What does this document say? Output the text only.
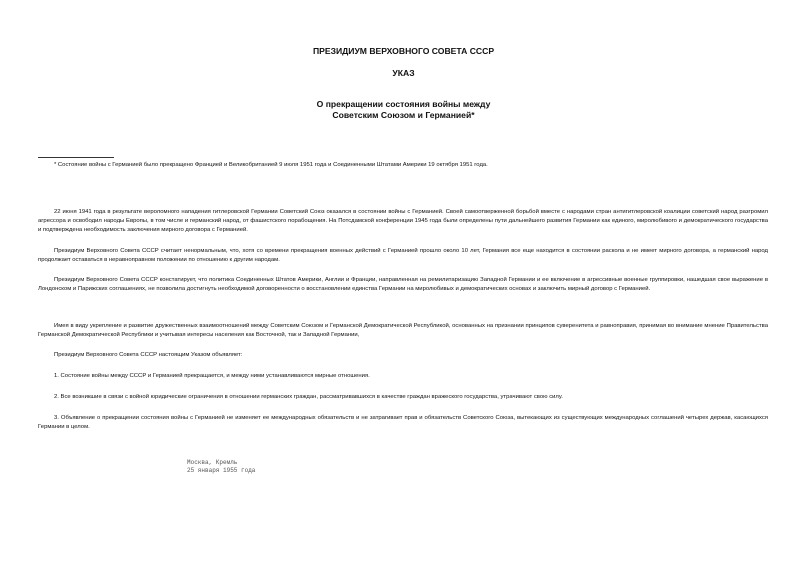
ПРЕЗИДИУМ ВЕРХОВНОГО СОВЕТА СССР
УКАЗ
О прекращении состояния войны между
Советским Союзом и Германией*
* Состояние войны с Германией было прекращено Францией и Великобританией 9 июля 1951 года и Соединенными Штатами Америки 19 октября 1951 года.

22 июня 1941 года в результате вероломного нападения гитлеровской Германии Советский Союз оказался в состоянии войны с Германией. Своей самоотверженной борьбой вместе с народами стран антигитлеровской коалиции советский народ разгромил агрессора и освободил народы Европы, в том числе и германский народ, от фашистского порабощения. На Потсдамской конференции 1945 года были определены пути дальнейшего развития Германии как единого, миролюбивого и демократического государства и подтверждена необходимость заключения мирного договора с Германией.

Президиум Верховного Совета СССР считает ненормальным, что, хотя со времени прекращения военных действий с Германией прошло около 10 лет, Германия все еще находится в состоянии раскола и не имеет мирного договора, а германский народ продолжает оставаться в неравноправном положении по отношению к другим народам.

Президиум Верховного Совета СССР констатирует, что политика Соединенных Штатов Америки, Англии и Франции, направленная на ремилитаризацию Западной Германии и ее включение в агрессивные военные группировки, нашедшая свое выражение в Лондонском и Парижских соглашениях, не позволила достигнуть необходимой договоренности о восстановлении единства Германии на миролюбивых и демократических основах и заключить мирный договор с Германией.

Имея в виду укрепление и развитие дружественных взаимоотношений между Советским Союзом и Германской Демократической Республикой, основанных на признании принципов суверенитета и равноправия, принимая во внимание мнение Правительства Германской Демократической Республики и учитывая интересы населения как Восточной, так и Западной Германии,

Президиум Верховного Совета СССР настоящим Указом объявляет:

1. Состояние войны между СССР и Германией прекращается, и между ними устанавливаются мирные отношения.

2. Все возникшие в связи с войной юридические ограничения в отношении германских граждан, рассматривавшихся в качестве граждан вражеского государства, утрачивают свою силу.

3. Объявление о прекращении состояния войны с Германией не изменяет ее международных обязательств и не затрагивает прав и обязательств Советского Союза, вытекающих из существующих международных соглашений четырех держав, касающихся Германии в целом.

Москва, Кремль
25 января 1955 года
